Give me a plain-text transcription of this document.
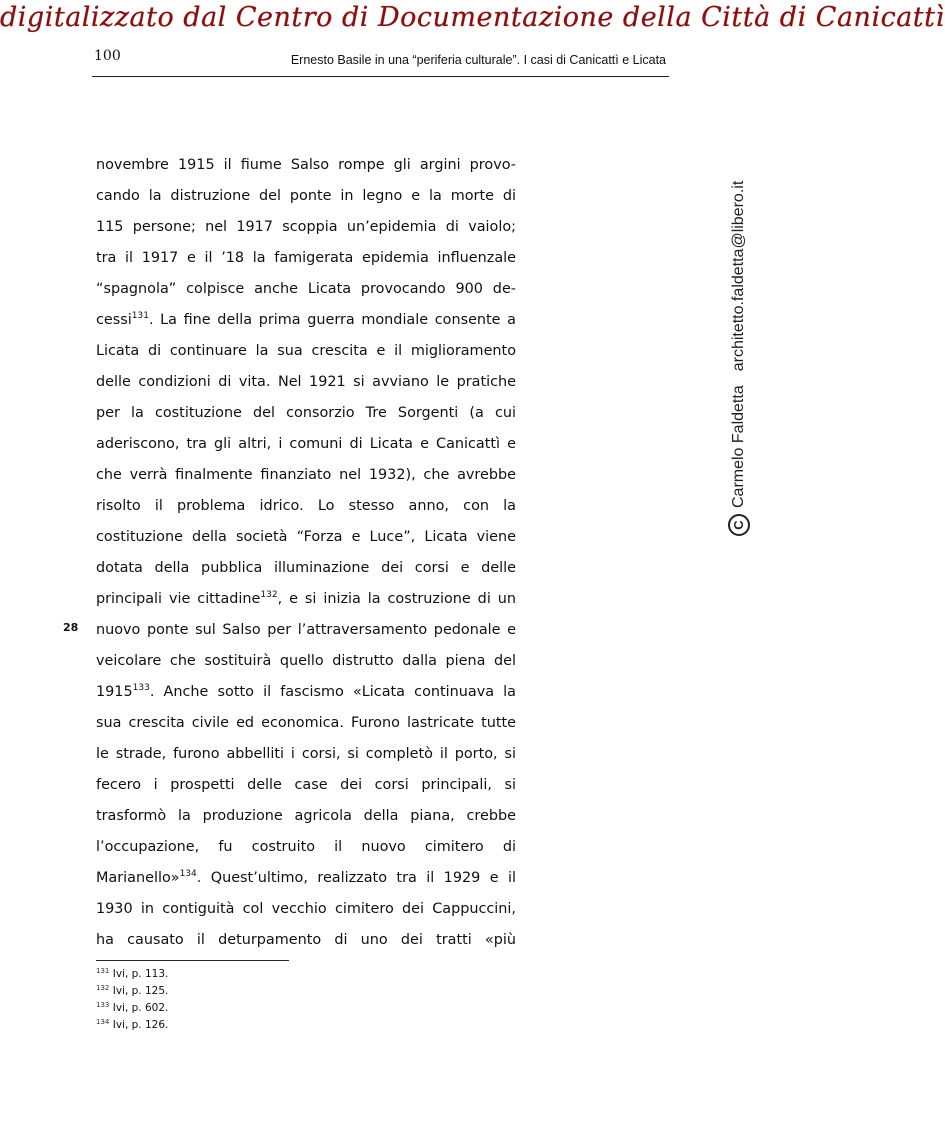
digitalizzato dal Centro di Documentazione della Città di Canicattì
100	Ernesto Basile in una “periferia culturale”. I casi di Canicattì e Licata
28
novembre 1915 il fiume Salso rompe gli argini provo-
cando la distruzione del ponte in legno e la morte di
115 persone; nel 1917 scoppia un’epidemia di vaiolo;
tra il 1917 e il ’18 la famigerata epidemia influenzale
“spagnola” colpisce anche Licata provocando 900 de-
cessi$^{131}$. La fine della prima guerra mondiale consente a
Licata di continuare la sua crescita e il miglioramento
delle condizioni di vita. Nel 1921 si avviano le pratiche
per la costituzione del consorzio Tre Sorgenti (a cui
aderiscono, tra gli altri, i comuni di Licata e Canicattì e
che verrà finalmente finanziato nel 1932), che avrebbe
risolto il problema idrico. Lo stesso anno, con la
costituzione della società “Forza e Luce”, Licata viene
dotata della pubblica illuminazione dei corsi e delle
principali vie cittadine$^{132}$, e si inizia la costruzione di un
nuovo ponte sul Salso per l’attraversamento pedonale e
veicolare che sostituirà quello distrutto dalla piena del
1915$^{133}$. Anche sotto il fascismo «Licata continuava la
sua crescita civile ed economica. Furono lastricate tutte
le strade, furono abbelliti i corsi, si completò il porto, si
fecero i prospetti delle case dei corsi principali, si
trasformò la produzione agricola della piana, crebbe
l’occupazione, fu costruito il nuovo cimitero di
Marianello»$^{134}$. Quest’ultimo, realizzato tra il 1929 e il
1930 in contiguità col vecchio cimitero dei Cappuccini,
ha causato il deturpamento di uno dei tratti «più
$^{131}$ Ivi, p. 113.
$^{132}$ Ivi, p. 125.
$^{133}$ Ivi, p. 602.
$^{134}$ Ivi, p. 126.
C
Carmelo Faldetta
architetto.faldetta@libero.it
